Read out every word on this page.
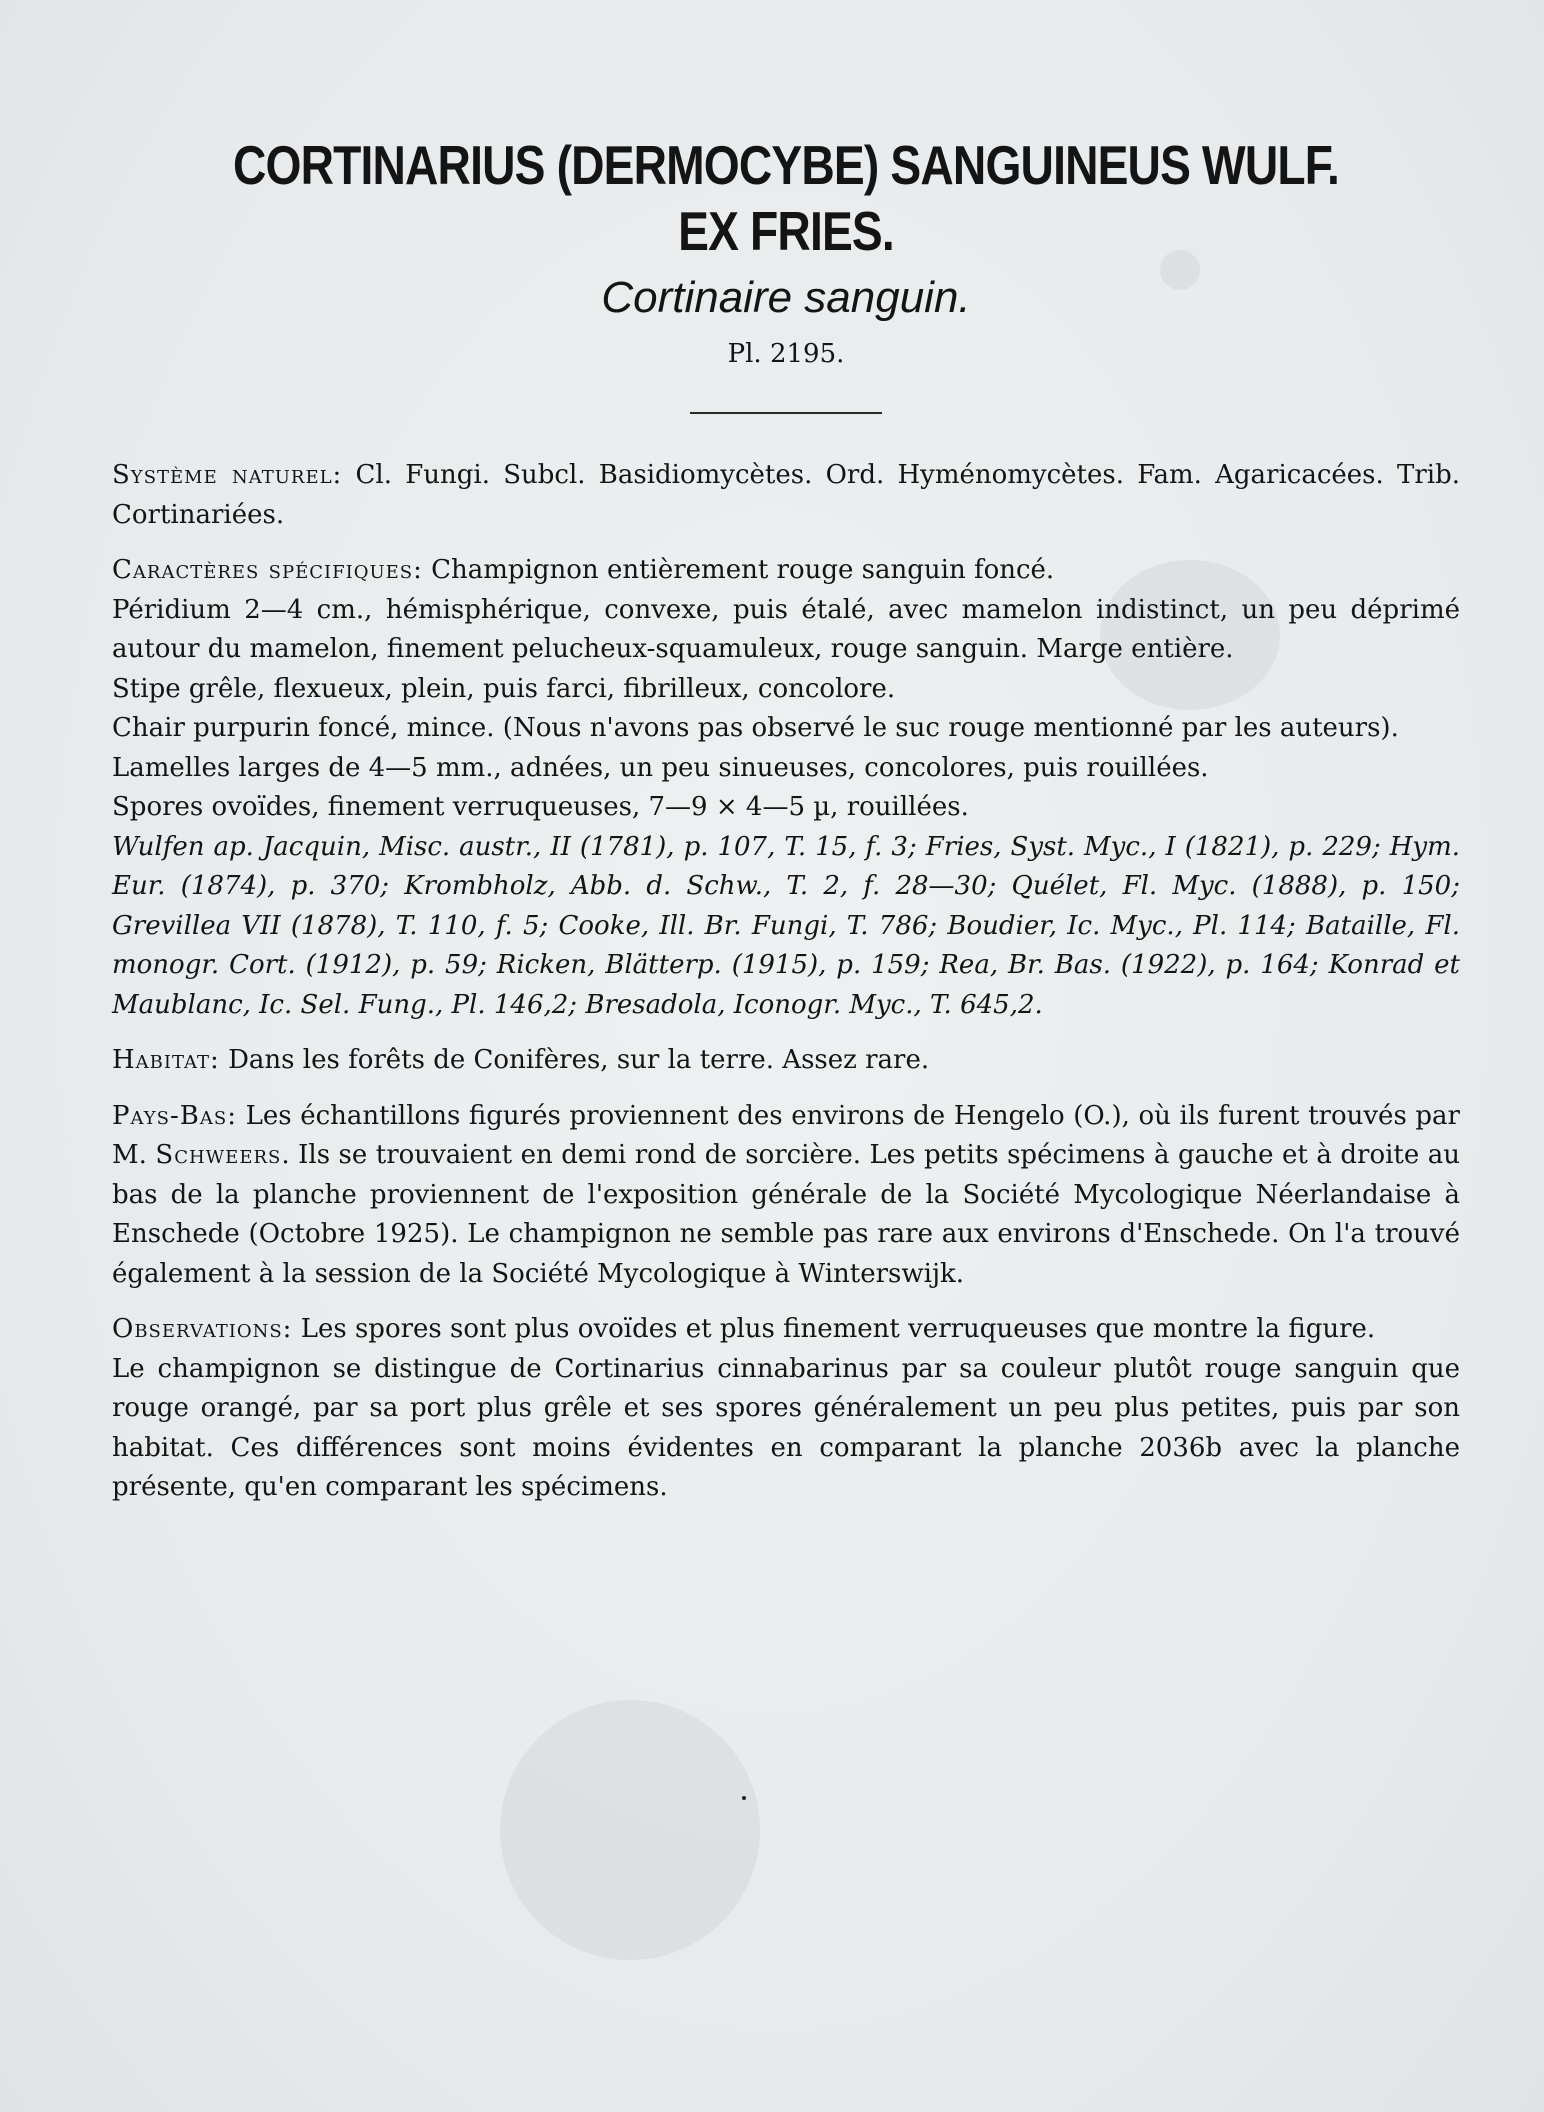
CORTINARIUS (DERMOCYBE) SANGUINEUS WULF.
EX FRIES.
Cortinaire sanguin.
Pl. 2195.

Système naturel: Cl. Fungi. Subcl. Basidiomycètes. Ord. Hyménomycètes. Fam. Agaricacées. Trib. Cortinariées.

Caractères spécifiques: Champignon entièrement rouge sanguin foncé.

Péridium 2—4 cm., hémisphérique, convexe, puis étalé, avec mamelon indistinct, un peu déprimé autour du mamelon, finement pelucheux-squamuleux, rouge sanguin. Marge entière.

Stipe grêle, flexueux, plein, puis farci, fibrilleux, concolore.

Chair purpurin foncé, mince. (Nous n'avons pas observé le suc rouge mentionné par les auteurs).

Lamelles larges de 4—5 mm., adnées, un peu sinueuses, concolores, puis rouillées.

Spores ovoïdes, finement verruqueuses, 7—9 × 4—5 µ, rouillées.

Wulfen ap. Jacquin, Misc. austr., II (1781), p. 107, T. 15, f. 3; Fries, Syst. Myc., I (1821), p. 229; Hym. Eur. (1874), p. 370; Krombholz, Abb. d. Schw., T. 2, f. 28—30; Quélet, Fl. Myc. (1888), p. 150; Grevillea VII (1878), T. 110, f. 5; Cooke, Ill. Br. Fungi, T. 786; Boudier, Ic. Myc., Pl. 114; Bataille, Fl. monogr. Cort. (1912), p. 59; Ricken, Blätterp. (1915), p. 159; Rea, Br. Bas. (1922), p. 164; Konrad et Maublanc, Ic. Sel. Fung., Pl. 146,2; Bresadola, Iconogr. Myc., T. 645,2.

Habitat: Dans les forêts de Conifères, sur la terre. Assez rare.

Pays-Bas: Les échantillons figurés proviennent des environs de Hengelo (O.), où ils furent trouvés par M. Schweers. Ils se trouvaient en demi rond de sorcière. Les petits spécimens à gauche et à droite au bas de la planche proviennent de l'exposition générale de la Société Mycologique Néerlandaise à Enschede (Octobre 1925). Le champignon ne semble pas rare aux environs d'Enschede. On l'a trouvé également à la session de la Société Mycologique à Winterswijk.

Observations: Les spores sont plus ovoïdes et plus finement verruqueuses que montre la figure.

Le champignon se distingue de Cortinarius cinnabarinus par sa couleur plutôt rouge sanguin que rouge orangé, par sa port plus grêle et ses spores généralement un peu plus petites, puis par son habitat. Ces différences sont moins évidentes en comparant la planche 2036b avec la planche présente, qu'en comparant les spécimens.
